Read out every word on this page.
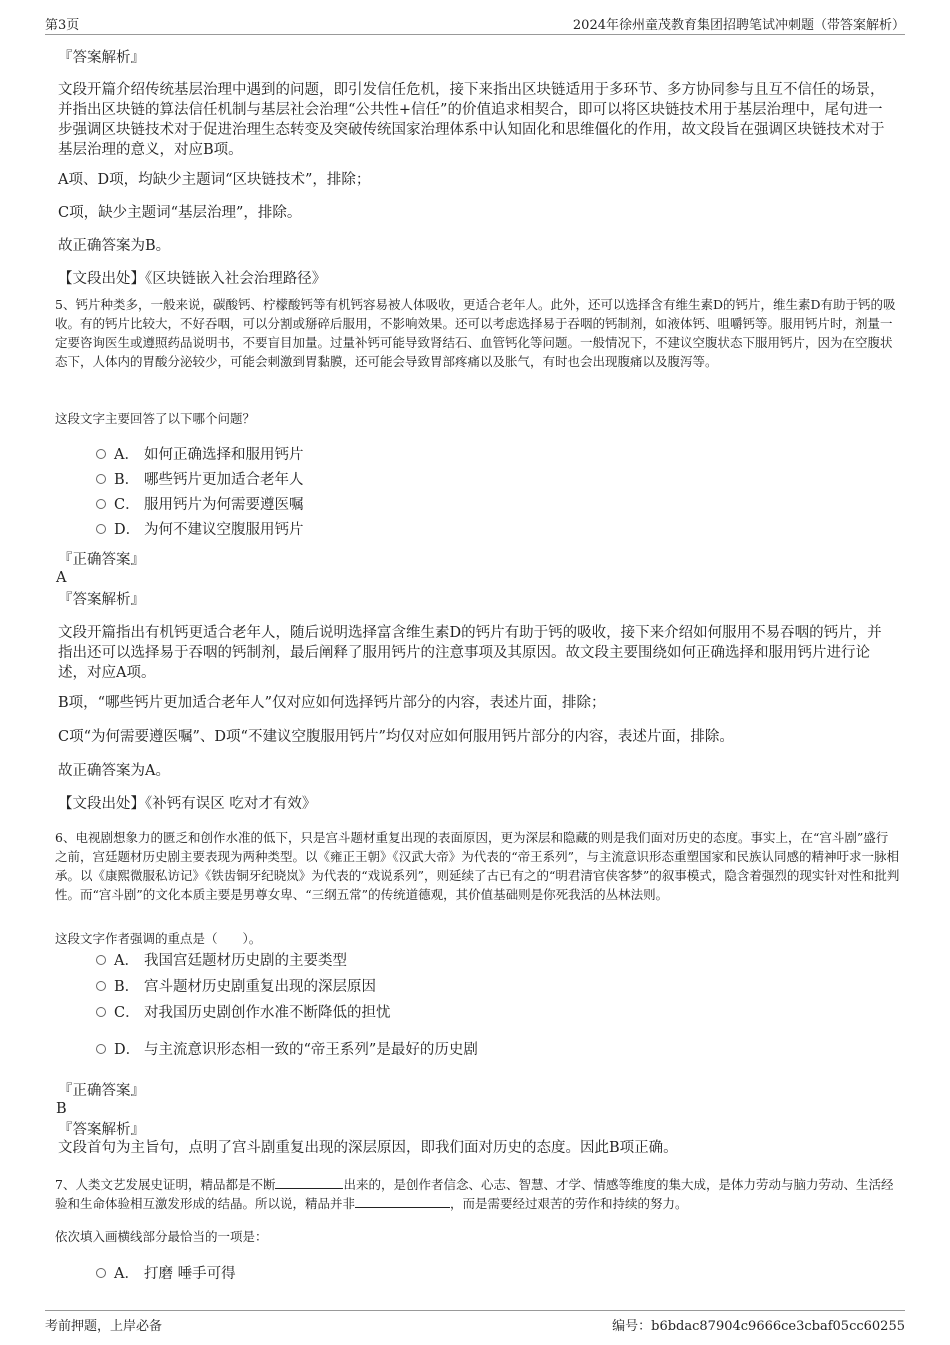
第3页	2024年徐州童茂教育集团招聘笔试冲刺题（带答案解析）

『答案解析』

文段开篇介绍传统基层治理中遇到的问题，即引发信任危机，接下来指出区块链适用于多环节、多方协同参与且互不信任的场景，并指出区块链的算法信任机制与基层社会治理“公共性+信任”的价值追求相契合，即可以将区块链技术用于基层治理中，尾句进一步强调区块链技术对于促进治理生态转变及突破传统国家治理体系中认知固化和思维僵化的作用，故文段旨在强调区块链技术对于基层治理的意义，对应B项。

A项、D项，均缺少主题词“区块链技术”，排除；

C项，缺少主题词“基层治理”，排除。

故正确答案为B。

【文段出处】《区块链嵌入社会治理路径》

5、钙片种类多，一般来说，碳酸钙、柠檬酸钙等有机钙容易被人体吸收，更适合老年人。此外，还可以选择含有维生素D的钙片，维生素D有助于钙的吸收。有的钙片比较大，不好吞咽，可以分割或掰碎后服用，不影响效果。还可以考虑选择易于吞咽的钙制剂，如液体钙、咀嚼钙等。服用钙片时，剂量一定要咨询医生或遵照药品说明书，不要盲目加量。过量补钙可能导致肾结石、血管钙化等问题。一般情况下，不建议空腹状态下服用钙片，因为在空腹状态下，人体内的胃酸分泌较少，可能会刺激到胃黏膜，还可能会导致胃部疼痛以及胀气，有时也会出现腹痛以及腹泻等。

这段文字主要回答了以下哪个问题？

A． 如何正确选择和服用钙片
B． 哪些钙片更加适合老年人
C． 服用钙片为何需要遵医嘱
D． 为何不建议空腹服用钙片

『正确答案』

A

『答案解析』

文段开篇指出有机钙更适合老年人，随后说明选择富含维生素D的钙片有助于钙的吸收，接下来介绍如何服用不易吞咽的钙片，并指出还可以选择易于吞咽的钙制剂，最后阐释了服用钙片的注意事项及其原因。故文段主要围绕如何正确选择和服用钙片进行论述，对应A项。

B项，“哪些钙片更加适合老年人”仅对应如何选择钙片部分的内容，表述片面，排除；

C项“为何需要遵医嘱”、D项“不建议空腹服用钙片”均仅对应如何服用钙片部分的内容，表述片面，排除。

故正确答案为A。

【文段出处】《补钙有误区 吃对才有效》

6、电视剧想象力的匮乏和创作水准的低下，只是宫斗题材重复出现的表面原因，更为深层和隐藏的则是我们面对历史的态度。事实上，在“宫斗剧”盛行之前，宫廷题材历史剧主要表现为两种类型。以《雍正王朝》《汉武大帝》为代表的“帝王系列”，与主流意识形态重塑国家和民族认同感的精神吁求一脉相承。以《康熙微服私访记》《铁齿铜牙纪晓岚》为代表的“戏说系列”，则延续了古已有之的“明君清官侠客梦”的叙事模式，隐含着强烈的现实针对性和批判性。而“宫斗剧”的文化本质主要是男尊女卑、“三纲五常”的传统道德观，其价值基础则是你死我活的丛林法则。

这段文字作者强调的重点是（　　）。

A． 我国宫廷题材历史剧的主要类型
B． 宫斗题材历史剧重复出现的深层原因
C． 对我国历史剧创作水准不断降低的担忧
D． 与主流意识形态相一致的“帝王系列”是最好的历史剧

『正确答案』

B

『答案解析』

文段首句为主旨句，点明了宫斗剧重复出现的深层原因，即我们面对历史的态度。因此B项正确。

7、人类文艺发展史证明，精品都是不断	出来的，是创作者信念、心志、智慧、才学、情感等维度的集大成，是体力劳动与脑力劳动、生活经验和生命体验相互激发形成的结晶。所以说，精品并非	，而是需要经过艰苦的劳作和持续的努力。

依次填入画横线部分最恰当的一项是：

A． 打磨 唾手可得
考前押题，上岸必备	编号：b6bdac87904c9666ce3cbaf05cc60255
